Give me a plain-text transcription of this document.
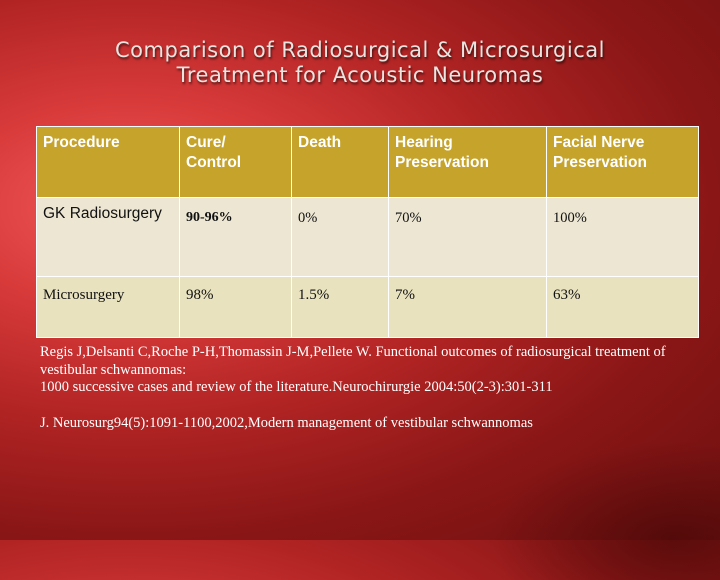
Comparison of Radiosurgical & Microsurgical
Treatment for Acoustic Neuromas
Procedure	Cure/ Control	Death	Hearing Preservation	Facial Nerve Preservation
GK Radiosurgery	90-96%	0%	70%	100%
Microsurgery	98%	1.5%	7%	63%

Regis J,Delsanti C,Roche P-H,Thomassin J-M,Pellete W. Functional outcomes of radiosurgical treatment of vestibular schwannomas:

1000 successive cases and review of the literature.Neurochirurgie 2004:50(2-3):301-311

J. Neurosurg94(5):1091-1100,2002,Modern management of vestibular schwannomas
